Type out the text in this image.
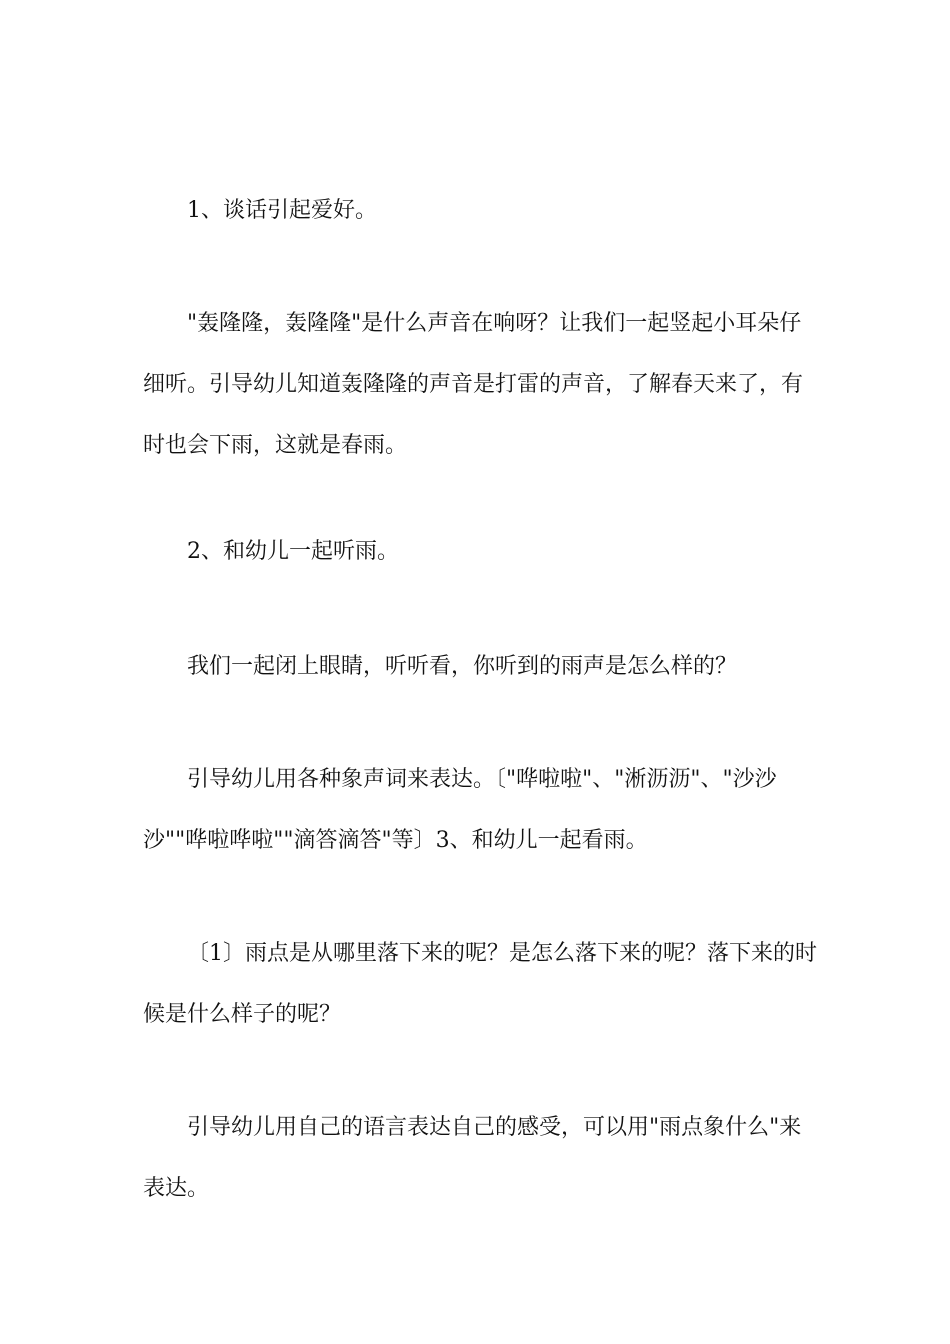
1、谈话引起爱好。

"轰隆隆，轰隆隆"是什么声音在响呀？让我们一起竖起小耳朵仔细听。引导幼儿知道轰隆隆的声音是打雷的声音，了解春天来了，有时也会下雨，这就是春雨。

2、和幼儿一起听雨。

我们一起闭上眼睛，听听看，你听到的雨声是怎么样的？

引导幼儿用各种象声词来表达。〔"哗啦啦"、"淅沥沥"、"沙沙沙""哗啦哗啦""滴答滴答"等〕3、和幼儿一起看雨。

〔1〕雨点是从哪里落下来的呢？是怎么落下来的呢？落下来的时候是什么样子的呢？

引导幼儿用自己的语言表达自己的感受，可以用"雨点象什么"来表达。
